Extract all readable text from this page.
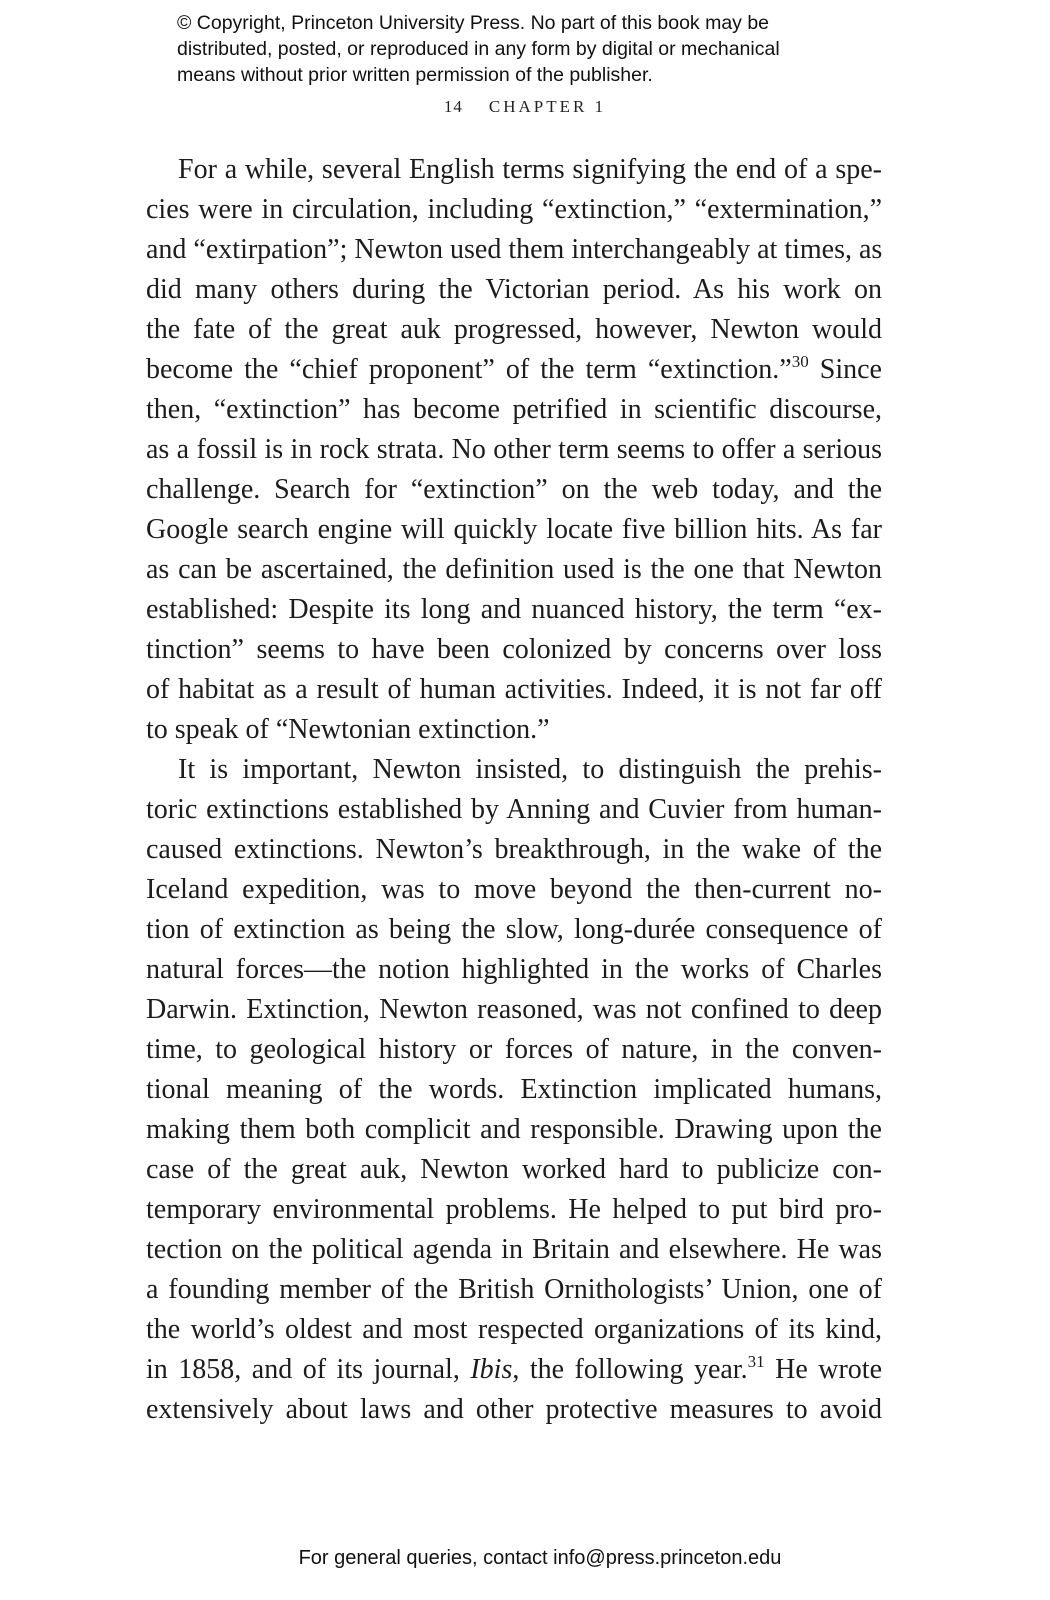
© Copyright, Princeton University Press. No part of this book may be
distributed, posted, or reproduced in any form by digital or mechanical
means without prior written permission of the publisher.
14 CHAPTER 1
For a while, several English terms signifying the end of a spe-
cies were in circulation, including “extinction,” “extermination,”
and “extirpation”; Newton used them interchangeably at times, as
did many others during the Victorian period. As his work on
the fate of the great auk progressed, however, Newton would
become the “chief proponent” of the term “extinction.”$^{30}$ Since
then, “extinction” has become petrified in scientific discourse,
as a fossil is in rock strata. No other term seems to offer a serious
challenge. Search for “extinction” on the web today, and the
Google search engine will quickly locate five billion hits. As far
as can be ascertained, the definition used is the one that Newton
established: Despite its long and nuanced history, the term “ex-
tinction” seems to have been colonized by concerns over loss
of habitat as a result of human activities. Indeed, it is not far off
to speak of “Newtonian extinction.”
It is important, Newton insisted, to distinguish the prehis-
toric extinctions established by Anning and Cuvier from human-
caused extinctions. Newton’s breakthrough, in the wake of the
Iceland expedition, was to move beyond the then-current no-
tion of extinction as being the slow, long-durée consequence of
natural forces—the notion highlighted in the works of Charles
Darwin. Extinction, Newton reasoned, was not confined to deep
time, to geological history or forces of nature, in the conven-
tional meaning of the words. Extinction implicated humans,
making them both complicit and responsible. Drawing upon the
case of the great auk, Newton worked hard to publicize con-
temporary environmental problems. He helped to put bird pro-
tection on the political agenda in Britain and elsewhere. He was
a founding member of the British Ornithologists’ Union, one of
the world’s oldest and most respected organizations of its kind,
in 1858, and of its journal, Ibis, the following year.$^{31}$ He wrote
extensively about laws and other protective measures to avoid
For general queries, contact info@press.princeton.edu
